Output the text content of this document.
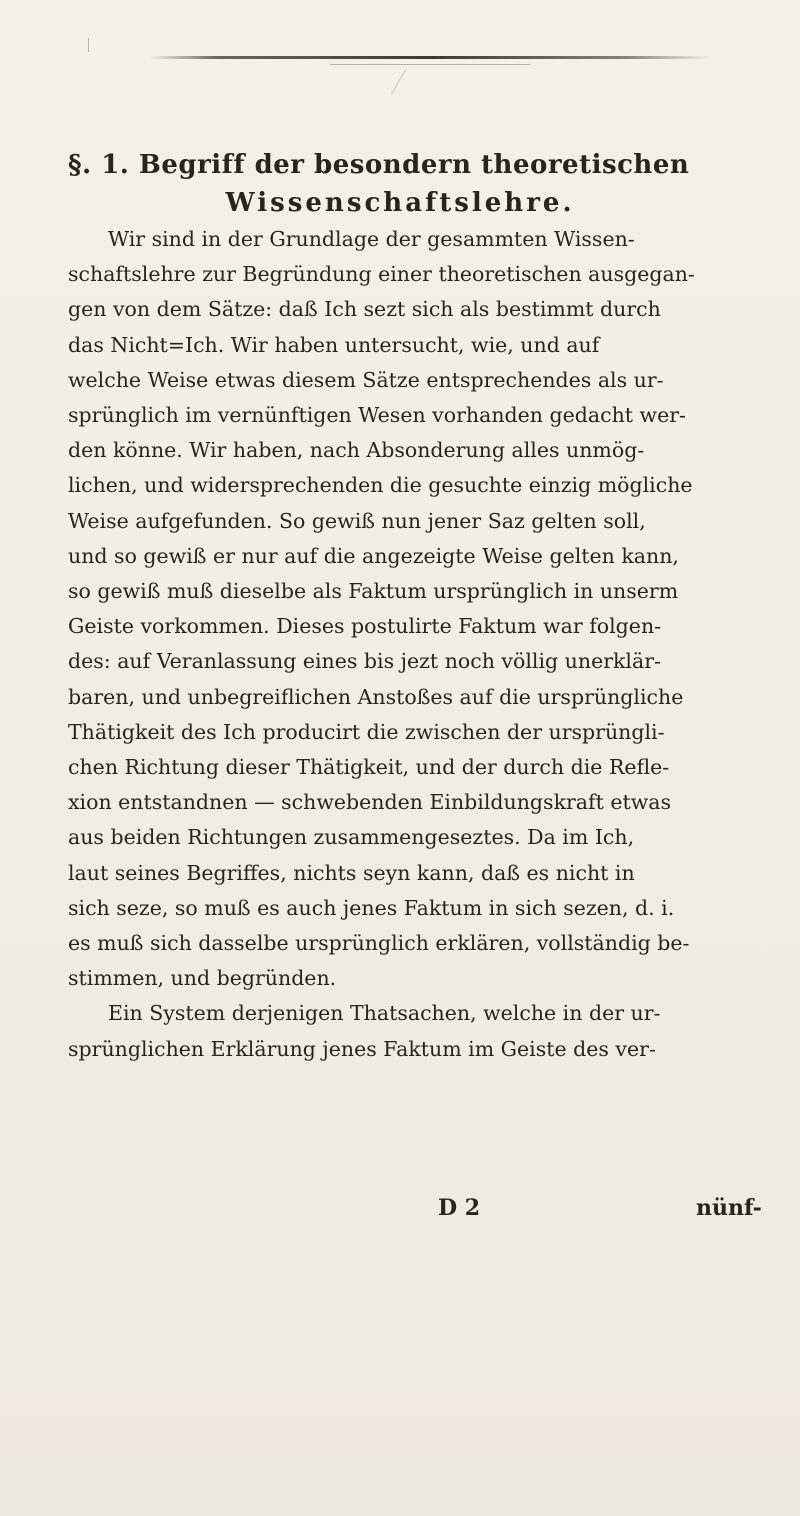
§. 1. Begriff der besondern theoretischen
Wissenschaftslehre.
Wir sind in der Grundlage der gesammten Wissen-
schaftslehre zur Begründung einer theoretischen ausgegan-
gen von dem Sätze: daß Ich sezt sich als bestimmt durch
das Nicht=Ich. Wir haben untersucht, wie, und auf
welche Weise etwas diesem Sätze entsprechendes als ur-
sprünglich im vernünftigen Wesen vorhanden gedacht wer-
den könne. Wir haben, nach Absonderung alles unmög-
lichen, und widersprechenden die gesuchte einzig mögliche
Weise aufgefunden. So gewiß nun jener Saz gelten soll,
und so gewiß er nur auf die angezeigte Weise gelten kann,
so gewiß muß dieselbe als Faktum ursprünglich in unserm
Geiste vorkommen. Dieses postulirte Faktum war folgen-
des: auf Veranlassung eines bis jezt noch völlig unerklär-
baren, und unbegreiflichen Anstoßes auf die ursprüngliche
Thätigkeit des Ich producirt die zwischen der ursprüngli-
chen Richtung dieser Thätigkeit, und der durch die Refle-
xion entstandnen — schwebenden Einbildungskraft etwas
aus beiden Richtungen zusammengeseztes. Da im Ich,
laut seines Begriffes, nichts seyn kann, daß es nicht in
sich seze, so muß es auch jenes Faktum in sich sezen, d. i.
es muß sich dasselbe ursprünglich erklären, vollständig be-
stimmen, und begründen.
Ein System derjenigen Thatsachen, welche in der ur-
sprünglichen Erklärung jenes Faktum im Geiste des ver-
D 2	nünf-
